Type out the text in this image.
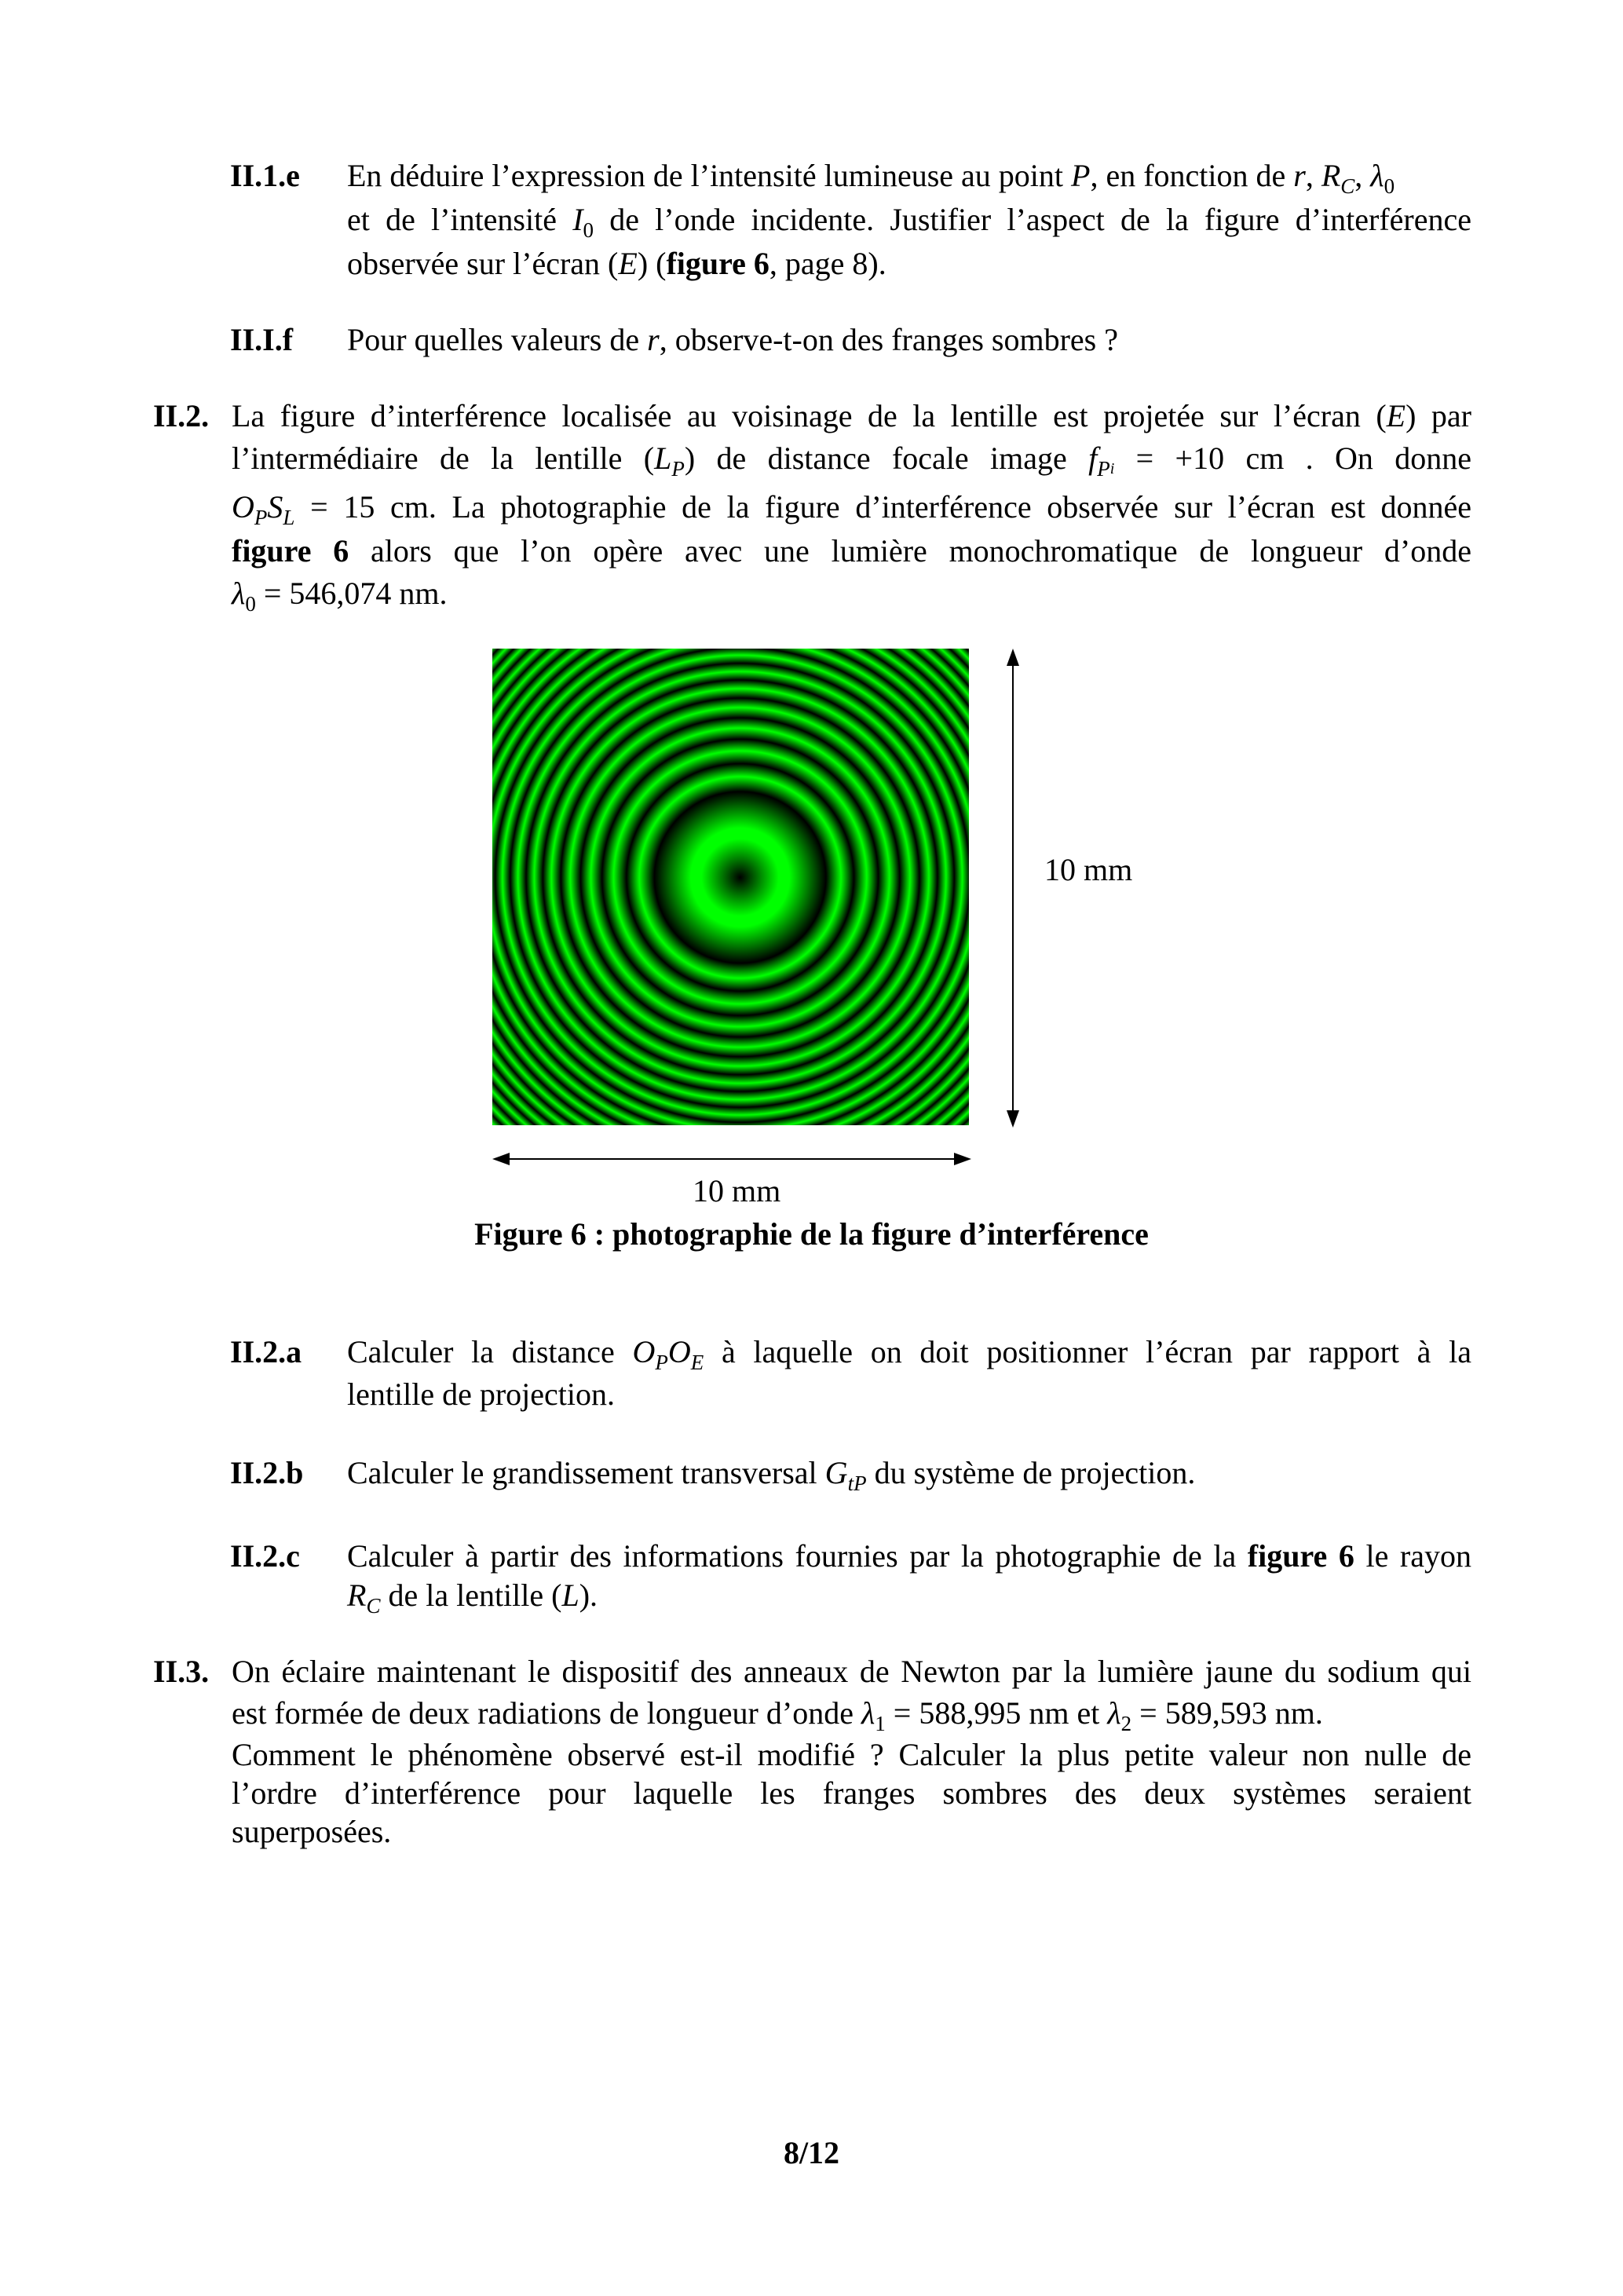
II.1.e En déduire l’expression de l’intensité lumineuse au point P, en fonction de r, $R_C$, $\lambda_0$
et de l’intensité $I_0$ de l’onde incidente. Justifier l’aspect de la figure d’interférence
observée sur l’écran (E) (figure 6, page 8).
II.I.f Pour quelles valeurs de r, observe-t-on des franges sombres ?
II.2. La figure d’interférence localisée au voisinage de la lentille est projetée sur l’écran (E) par
l’intermédiaire de la lentille $(L_P)$ de distance focale image $f_Pi = +10$ cm . On donne
$O_PS_L = 15$ cm. La photographie de la figure d’interférence observée sur l’écran est donnée
figure 6 alors que l’on opère avec une lumière monochromatique de longueur d’onde
$\lambda_0 = 546,074$ nm.
10 mm
10 mm
Figure 6 : photographie de la figure d’interférence
II.2.a Calculer la distance $O_PO_E$ à laquelle on doit positionner l’écran par rapport à la
lentille de projection.
II.2.b Calculer le grandissement transversal $G_{tP}$ du système de projection.
II.2.c Calculer à partir des informations fournies par la photographie de la figure 6 le rayon
$R_C$ de la lentille (L).
II.3. On éclaire maintenant le dispositif des anneaux de Newton par la lumière jaune du sodium qui
est formée de deux radiations de longueur d’onde $\lambda_1 = 588,995$ nm et $\lambda_2 = 589,593$ nm.
Comment le phénomène observé est-il modifié ? Calculer la plus petite valeur non nulle de
l’ordre d’interférence pour laquelle les franges sombres des deux systèmes seraient
superposées.
8/12
